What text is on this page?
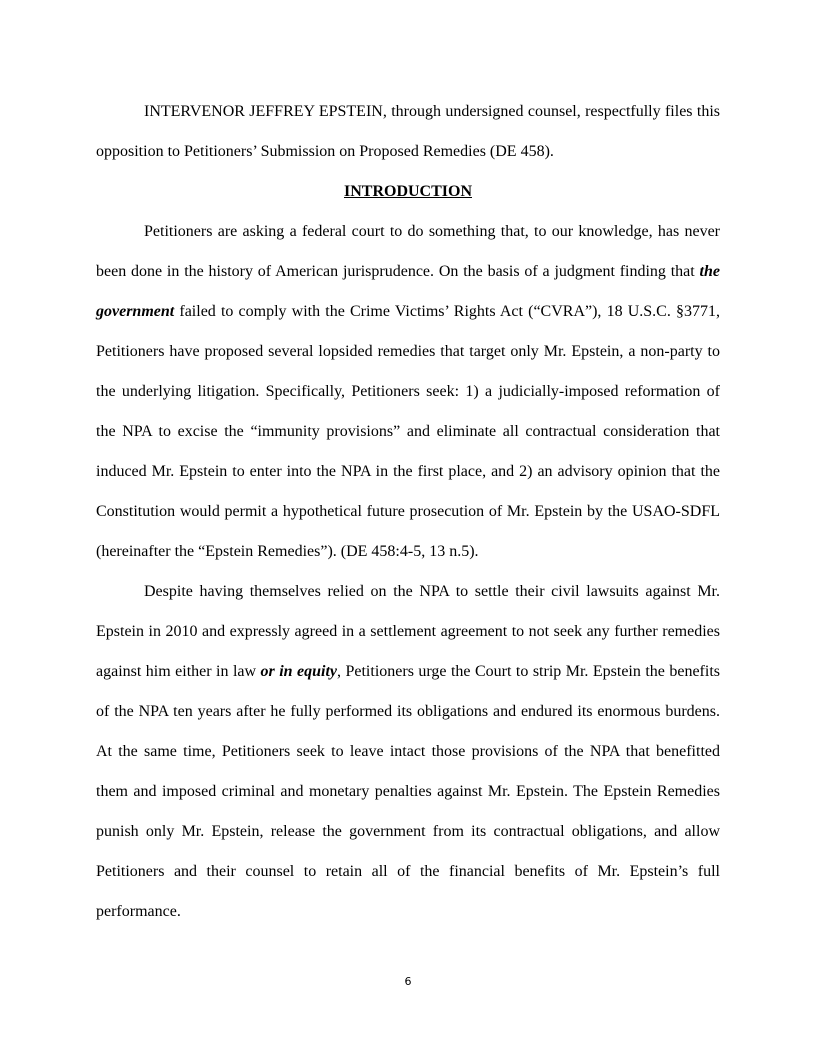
INTERVENOR JEFFREY EPSTEIN, through undersigned counsel, respectfully files this opposition to Petitioners’ Submission on Proposed Remedies (DE 458).

INTRODUCTION

Petitioners are asking a federal court to do something that, to our knowledge, has never been done in the history of American jurisprudence. On the basis of a judgment finding that the government failed to comply with the Crime Victims’ Rights Act (“CVRA”), 18 U.S.C. §3771, Petitioners have proposed several lopsided remedies that target only Mr. Epstein, a non-party to the underlying litigation. Specifically, Petitioners seek: 1) a judicially-imposed reformation of the NPA to excise the “immunity provisions” and eliminate all contractual consideration that induced Mr. Epstein to enter into the NPA in the first place, and 2) an advisory opinion that the Constitution would permit a hypothetical future prosecution of Mr. Epstein by the USAO-SDFL (hereinafter the “Epstein Remedies”). (DE 458:4-5, 13 n.5).

Despite having themselves relied on the NPA to settle their civil lawsuits against Mr. Epstein in 2010 and expressly agreed in a settlement agreement to not seek any further remedies against him either in law or in equity, Petitioners urge the Court to strip Mr. Epstein the benefits of the NPA ten years after he fully performed its obligations and endured its enormous burdens. At the same time, Petitioners seek to leave intact those provisions of the NPA that benefitted them and imposed criminal and monetary penalties against Mr. Epstein. The Epstein Remedies punish only Mr. Epstein, release the government from its contractual obligations, and allow Petitioners and their counsel to retain all of the financial benefits of Mr. Epstein’s full performance.

6
